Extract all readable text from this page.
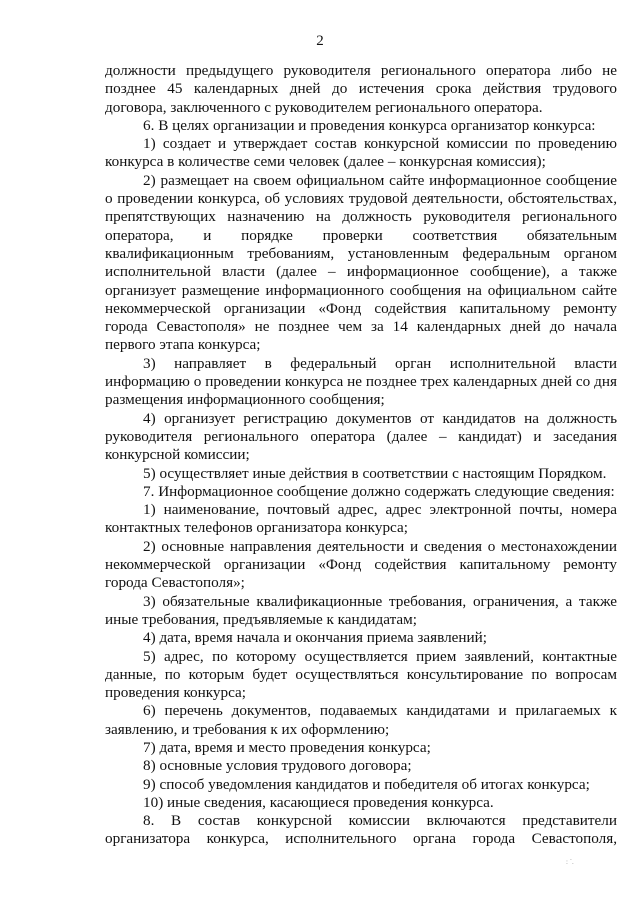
2

должности предыдущего руководителя регионального оператора либо не позднее 45 календарных дней до истечения срока действия трудового договора, заключенного с руководителем регионального оператора.

6. В целях организации и проведения конкурса организатор конкурса:

1) создает и утверждает состав конкурсной комиссии по проведению конкурса в количестве семи человек (далее – конкурсная комиссия);

2) размещает на своем официальном сайте информационное сообщение о проведении конкурса, об условиях трудовой деятельности, обстоятельствах, препятствующих назначению на должность руководителя регионального оператора, и порядке проверки соответствия обязательным квалификационным требованиям, установленным федеральным органом исполнительной власти (далее – информационное сообщение), а также организует размещение информационного сообщения на официальном сайте некоммерческой организации «Фонд содействия капитальному ремонту города Севастополя» не позднее чем за 14 календарных дней до начала первого этапа конкурса;

3) направляет в федеральный орган исполнительной власти информацию о проведении конкурса не позднее трех календарных дней со дня размещения информационного сообщения;

4) организует регистрацию документов от кандидатов на должность руководителя регионального оператора (далее – кандидат) и заседания конкурсной комиссии;

5) осуществляет иные действия в соответствии с настоящим Порядком.

7. Информационное сообщение должно содержать следующие сведения:

1) наименование, почтовый адрес, адрес электронной почты, номера контактных телефонов организатора конкурса;

2) основные направления деятельности и сведения о местонахождении некоммерческой организации «Фонд содействия капитальному ремонту города Севастополя»;

3) обязательные квалификационные требования, ограничения, а также иные требования, предъявляемые к кандидатам;

4) дата, время начала и окончания приема заявлений;

5) адрес, по которому осуществляется прием заявлений, контактные данные, по которым будет осуществляться консультирование по вопросам проведения конкурса;

6) перечень документов, подаваемых кандидатами и прилагаемых к заявлению, и требования к их оформлению;

7) дата, время и место проведения конкурса;

8) основные условия трудового договора;

9) способ уведомления кандидатов и победителя об итогах конкурса;

10) иные сведения, касающиеся проведения конкурса.

8. В состав конкурсной комиссии включаются представители организатора конкурса, исполнительного органа города Севастополя,

: `.
